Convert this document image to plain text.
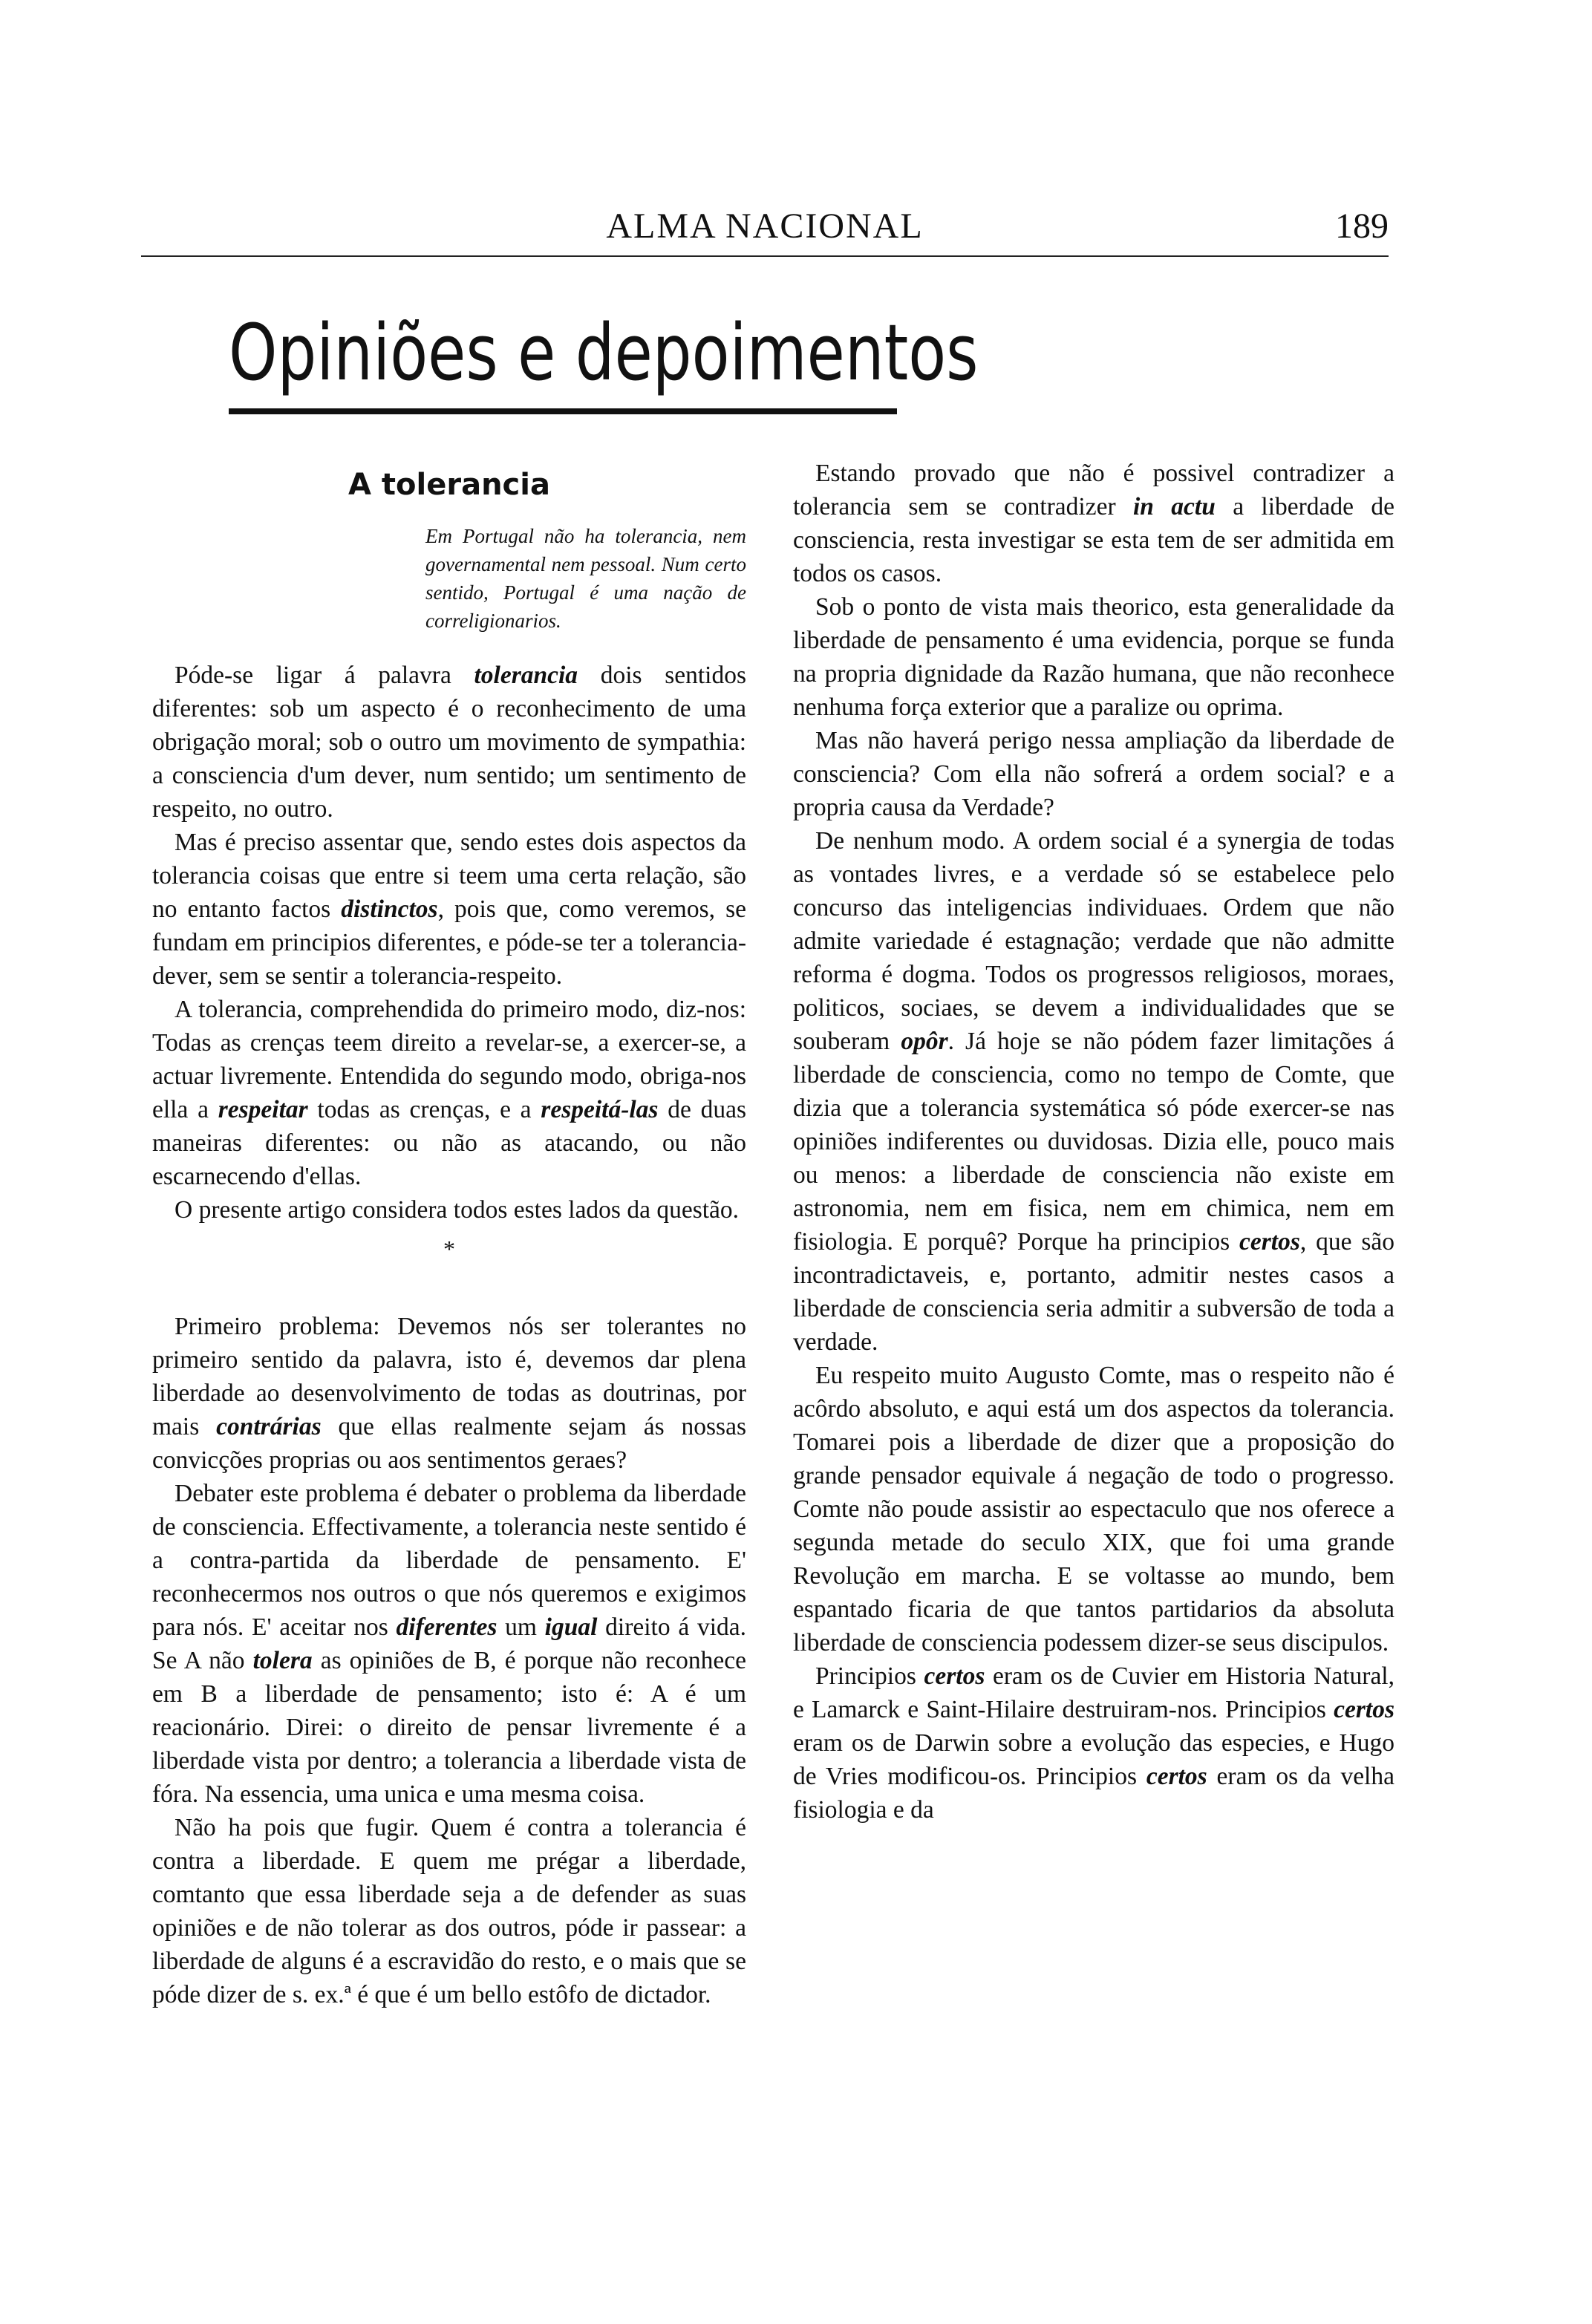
ALMA NACIONAL	189
Opiniões e depoimentos
A tolerancia
Em Portugal não ha tolerancia, nem governamental nem pessoal. Num certo sentido, Portugal é uma nação de correligionarios.

Póde-se ligar á palavra tolerancia dois sentidos diferentes: sob um aspecto é o reconhecimento de uma obrigação moral; sob o outro um movimento de sympathia: a consciencia d'um dever, num sentido; um sentimento de respeito, no outro.

Mas é preciso assentar que, sendo estes dois aspectos da tolerancia coisas que entre si teem uma certa relação, são no entanto factos distinctos, pois que, como veremos, se fundam em principios diferentes, e póde-se ter a tolerancia-dever, sem se sentir a tolerancia-respeito.

A tolerancia, comprehendida do primeiro modo, diz-nos: Todas as crenças teem direito a revelar-se, a exercer-se, a actuar livremente. Entendida do segundo modo, obriga-nos ella a respeitar todas as crenças, e a respeitá-las de duas maneiras diferentes: ou não as atacando, ou não escarnecendo d'ellas.

O presente artigo considera todos estes lados da questão.

*

Primeiro problema: Devemos nós ser tolerantes no primeiro sentido da palavra, isto é, devemos dar plena liberdade ao desenvolvimento de todas as doutrinas, por mais contrárias que ellas realmente sejam ás nossas convicções proprias ou aos sentimentos geraes?

Debater este problema é debater o problema da liberdade de consciencia. Effectivamente, a tolerancia neste sentido é a contra-partida da liberdade de pensamento. E' reconhecermos nos outros o que nós queremos e exigimos para nós. E' aceitar nos diferentes um igual direito á vida. Se A não tolera as opiniões de B, é porque não reconhece em B a liberdade de pensamento; isto é: A é um reacionário. Direi: o direito de pensar livremente é a liberdade vista por dentro; a tolerancia a liberdade vista de fóra. Na essencia, uma unica e uma mesma coisa.

Não ha pois que fugir. Quem é contra a tolerancia é contra a liberdade. E quem me prégar a liberdade, comtanto que essa liberdade seja a de defender as suas opiniões e de não tolerar as dos outros, póde ir passear: a liberdade de alguns é a escravidão do resto, e o mais que se póde dizer de s. ex.ª é que é um bello estôfo de dictador.

Estando provado que não é possivel contradizer a tolerancia sem se contradizer in actu a liberdade de consciencia, resta investigar se esta tem de ser admitida em todos os casos.

Sob o ponto de vista mais theorico, esta generalidade da liberdade de pensamento é uma evidencia, porque se funda na propria dignidade da Razão humana, que não reconhece nenhuma força exterior que a paralize ou oprima.

Mas não haverá perigo nessa ampliação da liberdade de consciencia? Com ella não sofrerá a ordem social? e a propria causa da Verdade?

De nenhum modo. A ordem social é a synergia de todas as vontades livres, e a verdade só se estabelece pelo concurso das inteligencias individuaes. Ordem que não admite variedade é estagnação; verdade que não admitte reforma é dogma. Todos os progressos religiosos, moraes, politicos, sociaes, se devem a individualidades que se souberam opôr. Já hoje se não pódem fazer limitações á liberdade de consciencia, como no tempo de Comte, que dizia que a tolerancia systemática só póde exercer-se nas opiniões indiferentes ou duvidosas. Dizia elle, pouco mais ou menos: a liberdade de consciencia não existe em astronomia, nem em fisica, nem em chimica, nem em fisiologia. E porquê? Porque ha principios certos, que são incontradictaveis, e, portanto, admitir nestes casos a liberdade de consciencia seria admitir a subversão de toda a verdade.

Eu respeito muito Augusto Comte, mas o respeito não é acôrdo absoluto, e aqui está um dos aspectos da tolerancia. Tomarei pois a liberdade de dizer que a proposição do grande pensador equivale á negação de todo o progresso. Comte não poude assistir ao espectaculo que nos oferece a segunda metade do seculo XIX, que foi uma grande Revolução em marcha. E se voltasse ao mundo, bem espantado ficaria de que tantos partidarios da absoluta liberdade de consciencia podessem dizer-se seus discipulos.

Principios certos eram os de Cuvier em Historia Natural, e Lamarck e Saint-Hilaire destruiram-nos. Principios certos eram os de Darwin sobre a evolução das especies, e Hugo de Vries modificou-os. Principios certos eram os da velha fisiologia e da
